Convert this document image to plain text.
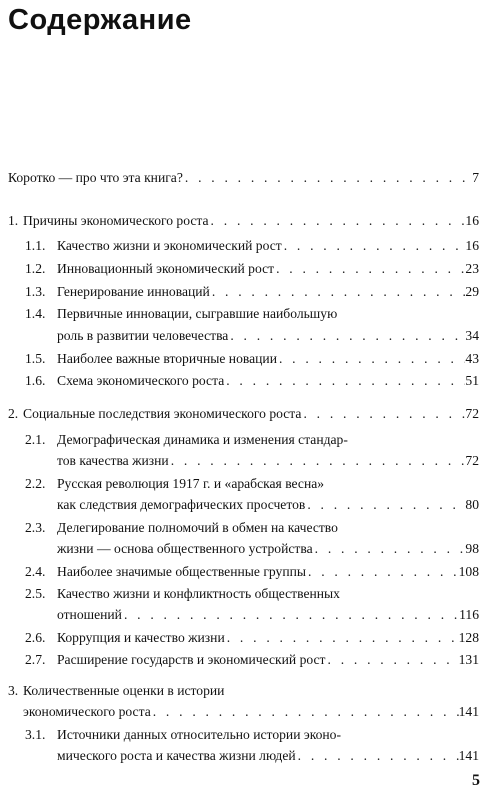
Содержание
Коротко — про что эта книга? . . .	7
1. Причины экономического роста . . .	16
1.1. Качество жизни и экономический рост . . .	16
1.2. Инновационный экономический рост . . .	23
1.3. Генерирование инноваций . . .	29
1.4. Первичные инновации, сыгравшие наибольшую
роль в развитии человечества . . .	34
1.5. Наиболее важные вторичные новации . . .	43
1.6. Схема экономического роста . . .	51
2. Социальные последствия экономического роста . . .	72
2.1. Демографическая динамика и изменения стандар-
тов качества жизни . . .	72
2.2. Русская революция 1917 г. и «арабская весна»
как следствия демографических просчетов . . .	80
2.3. Делегирование полномочий в обмен на качество
жизни — основа общественного устройства . . .	98
2.4. Наиболее значимые общественные группы . . .	108
2.5. Качество жизни и конфликтность общественных
отношений . . .	116
2.6. Коррупция и качество жизни . . .	128
2.7. Расширение государств и экономический рост . . .	131
3. Количественные оценки в истории
экономического роста . . .	141
3.1. Источники данных относительно истории эконо-
мического роста и качества жизни людей . . .	141
5
